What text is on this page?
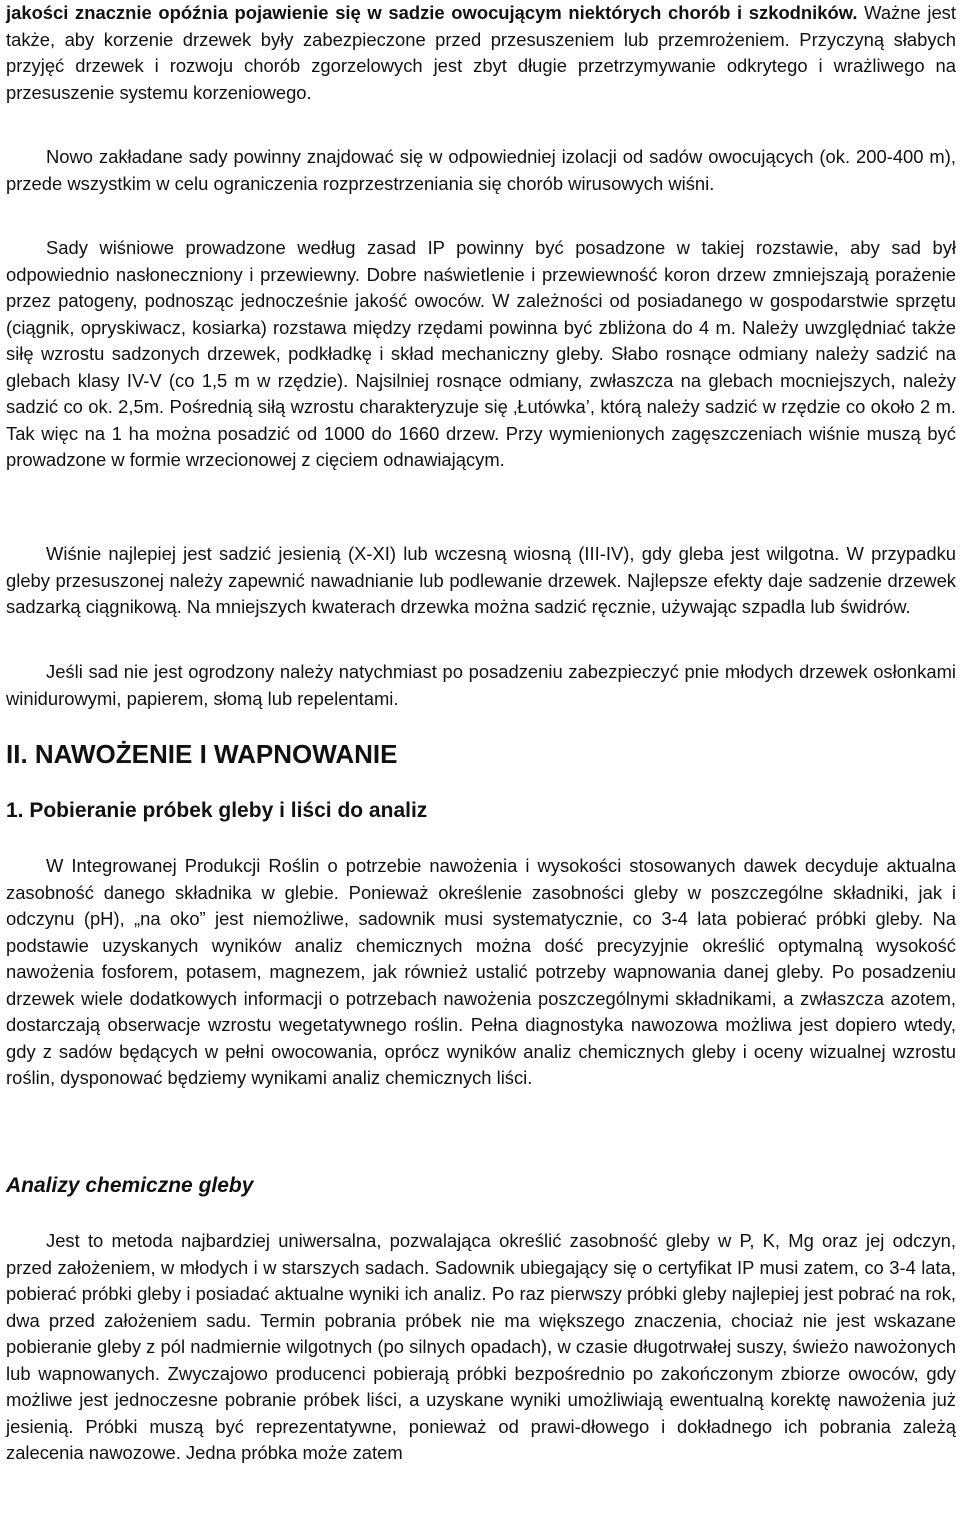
jakości znacznie opóźnia pojawienie się w sadzie owocującym niektórych chorób i szkodników. Ważne jest także, aby korzenie drzewek były zabezpieczone przed przesuszeniem lub przemrożeniem. Przyczyną słabych przyjęć drzewek i rozwoju chorób zgorzelowych jest zbyt długie przetrzymywanie odkrytego i wrażliwego na przesuszenie systemu korzeniowego.

Nowo zakładane sady powinny znajdować się w odpowiedniej izolacji od sadów owocujących (ok. 200-400 m), przede wszystkim w celu ograniczenia rozprzestrzeniania się chorób wirusowych wiśni.

Sady wiśniowe prowadzone według zasad IP powinny być posadzone w takiej rozstawie, aby sad był odpowiednio nasłoneczniony i przewiewny. Dobre naświetlenie i przewiewność koron drzew zmniejszają porażenie przez patogeny, podnosząc jednocześnie jakość owoców. W zależności od posiadanego w gospodarstwie sprzętu (ciągnik, opryskiwacz, kosiarka) rozstawa między rzędami powinna być zbliżona do 4 m. Należy uwzględniać także siłę wzrostu sadzonych drzewek, podkładkę i skład mechaniczny gleby. Słabo rosnące odmiany należy sadzić na glebach klasy IV-V (co 1,5 m w rzędzie). Najsilniej rosnące odmiany, zwłaszcza na glebach mocniejszych, należy sadzić co ok. 2,5m. Pośrednią siłą wzrostu charakteryzuje się ‚Łutówka’, którą należy sadzić w rzędzie co około 2 m. Tak więc na 1 ha można posadzić od 1000 do 1660 drzew. Przy wymienionych zagęszczeniach wiśnie muszą być prowadzone w formie wrzecionowej z cięciem odnawiającym.

Wiśnie najlepiej jest sadzić jesienią (X-XI) lub wczesną wiosną (III-IV), gdy gleba jest wilgotna. W przypadku gleby przesuszonej należy zapewnić nawadnianie lub podlewanie drzewek. Najlepsze efekty daje sadzenie drzewek sadzarką ciągnikową. Na mniejszych kwaterach drzewka można sadzić ręcznie, używając szpadla lub świdrów.

Jeśli sad nie jest ogrodzony należy natychmiast po posadzeniu zabezpieczyć pnie młodych drzewek osłonkami winidurowymi, papierem, słomą lub repelentami.

II. NAWOŻENIE I WAPNOWANIE
1. Pobieranie próbek gleby i liści do analiz

W Integrowanej Produkcji Roślin o potrzebie nawożenia i wysokości stosowanych dawek decyduje aktualna zasobność danego składnika w glebie. Ponieważ określenie zasobności gleby w poszczególne składniki, jak i odczynu (pH), „na oko” jest niemożliwe, sadownik musi systematycznie, co 3-4 lata pobierać próbki gleby. Na podstawie uzyskanych wyników analiz chemicznych można dość precyzyjnie określić optymalną wysokość nawożenia fosforem, potasem, magnezem, jak również ustalić potrzeby wapnowania danej gleby. Po posadzeniu drzewek wiele dodatkowych informacji o potrzebach nawożenia poszczególnymi składnikami, a zwłaszcza azotem, dostarczają obserwacje wzrostu wegetatywnego roślin. Pełna diagnostyka nawozowa możliwa jest dopiero wtedy, gdy z sadów będących w pełni owocowania, oprócz wyników analiz chemicznych gleby i oceny wizualnej wzrostu roślin, dysponować będziemy wynikami analiz chemicznych liści.

Analizy chemiczne gleby

Jest to metoda najbardziej uniwersalna, pozwalająca określić zasobność gleby w P, K, Mg oraz jej odczyn, przed założeniem, w młodych i w starszych sadach. Sadownik ubiegający się o certyfikat IP musi zatem, co 3-4 lata, pobierać próbki gleby i posiadać aktualne wyniki ich analiz. Po raz pierwszy próbki gleby najlepiej jest pobrać na rok, dwa przed założeniem sadu. Termin pobrania próbek nie ma większego znaczenia, chociaż nie jest wskazane pobieranie gleby z pól nadmiernie wilgotnych (po silnych opadach), w czasie długotrwałej suszy, świeżo nawożonych lub wapnowanych. Zwyczajowo producenci pobierają próbki bezpośrednio po zakończonym zbiorze owoców, gdy możliwe jest jednoczesne pobranie próbek liści, a uzyskane wyniki umożliwiają ewentualną korektę nawożenia już jesienią. Próbki muszą być reprezentatywne, ponieważ od prawi-dłowego i dokładnego ich pobrania zależą zalecenia nawozowe. Jedna próbka może zatem
